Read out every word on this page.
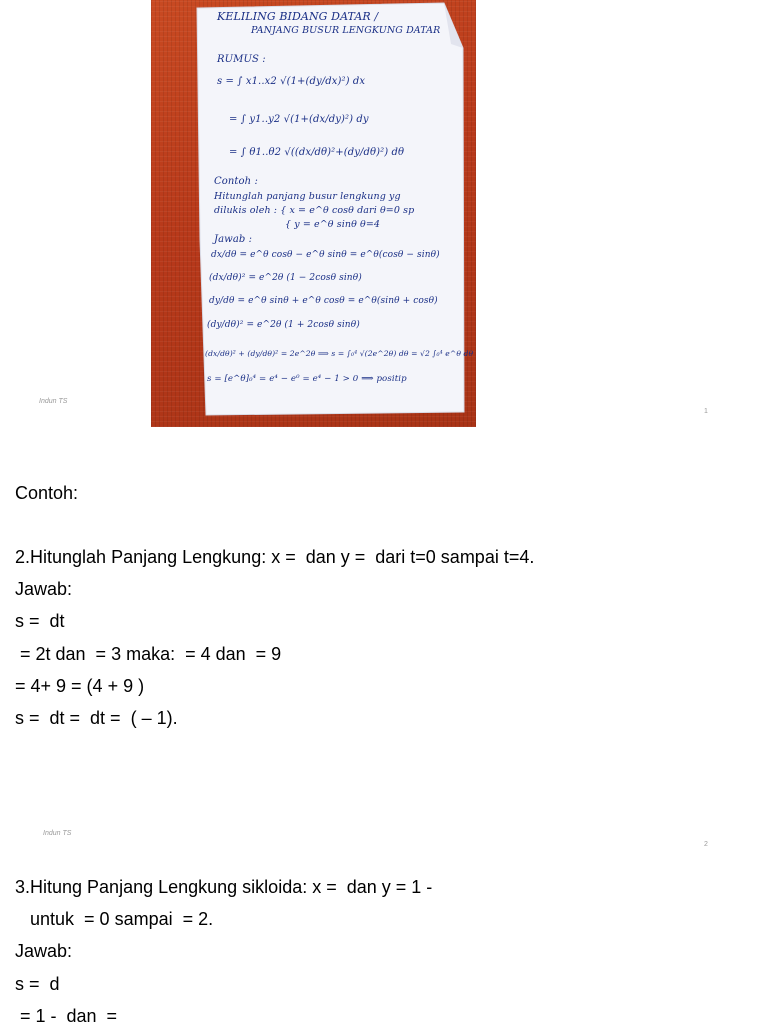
KELILING BIDANG DATAR /
PANJANG BUSUR LENGKUNG DATAR
RUMUS :
s = ∫ x1..x2 √(1+(dy/dx)²) dx
= ∫ y1..y2 √(1+(dx/dy)²) dy
= ∫ θ1..θ2 √((dx/dθ)²+(dy/dθ)²) dθ
Contoh :
Hitunglah panjang busur lengkung yg
dilukis oleh : { x = e^θ cosθ dari θ=0 sp
{ y = e^θ sinθ θ=4
Jawab :
dx/dθ = e^θ cosθ − e^θ sinθ = e^θ(cosθ − sinθ)
(dx/dθ)² = e^2θ (1 − 2cosθ sinθ)
dy/dθ = e^θ sinθ + e^θ cosθ = e^θ(sinθ + cosθ)
(dy/dθ)² = e^2θ (1 + 2cosθ sinθ)
(dx/dθ)² + (dy/dθ)² = 2e^2θ ⟹ s = ∫₀⁴ √(2e^2θ) dθ = √2 ∫₀⁴ e^θ dθ
s = [e^θ]₀⁴ = e⁴ − e⁰ = e⁴ − 1 > 0 ⟹ positip
Indun TS
1
Contoh:
2.Hitunglah Panjang Lengkung: x =  dan y =  dari t=0 sampai t=4.
Jawab:
s =  dt
= 2t dan  = 3 maka:  = 4 dan  = 9
= 4+ 9 = (4 + 9 )
s =  dt =  dt =  ( – 1).
Indun TS
2
3.Hitung Panjang Lengkung sikloida: x =  dan y = 1 -
untuk  = 0 sampai  = 2.
Jawab:
s =  d
= 1 -  dan  =
